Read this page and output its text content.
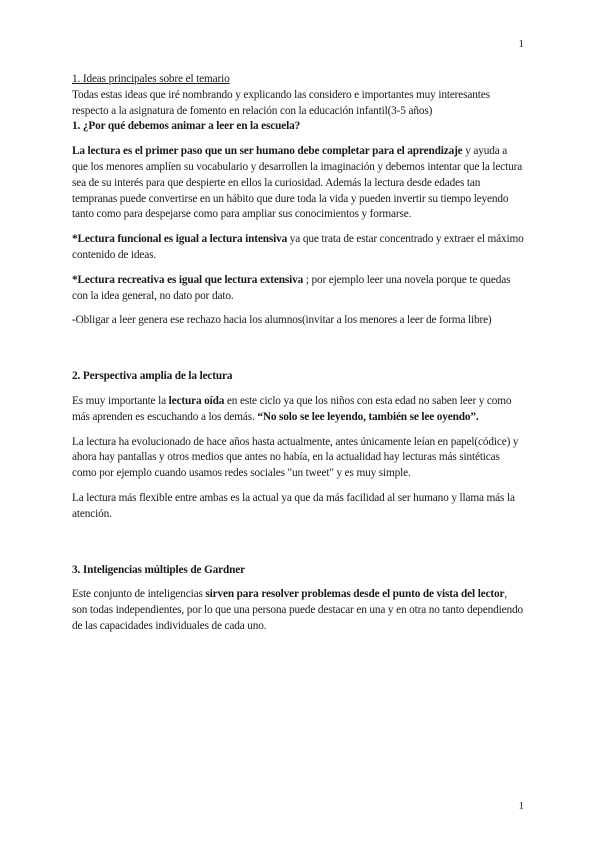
1

1. Ideas principales sobre el temario

Todas estas ideas que iré nombrando y explicando las considero e importantes muy interesantes respecto a la asignatura de fomento en relación con la educación infantil(3-5 años)

1. ¿Por qué debemos animar a leer en la escuela?

La lectura es el primer paso que un ser humano debe completar para el aprendizaje y ayuda a que los menores amplíen su vocabulario y desarrollen la imaginación y debemos intentar que la lectura sea de su interés para que despierte en ellos la curiosidad. Además la lectura desde edades tan tempranas puede convertirse en un hábito que dure toda la vida y pueden invertir su tiempo leyendo tanto como para despejarse como para ampliar sus conocimientos y formarse.

*Lectura funcional es igual a lectura intensiva ya que trata de estar concentrado y extraer el máximo contenido de ideas.

*Lectura recreativa es igual que lectura extensiva ; por ejemplo leer una novela porque te quedas con la idea general, no dato por dato.

-Obligar a leer genera ese rechazo hacia los alumnos(invitar a los menores a leer de forma libre)

2. Perspectiva amplia de la lectura

Es muy importante la lectura oída en este ciclo ya que los niños con esta edad no saben leer y como más aprenden es escuchando a los demás. “No solo se lee leyendo, también se lee oyendo”.

La lectura ha evolucionado de hace años hasta actualmente, antes únicamente leían en papel(códice) y ahora hay pantallas y otros medios que antes no había, en la actualidad hay lecturas más sintéticas como por ejemplo cuando usamos redes sociales "un tweet" y es muy simple.

La lectura más flexible entre ambas es la actual ya que da más facilidad al ser humano y llama más la atención.

3. Inteligencias múltiples de Gardner

Este conjunto de inteligencias sirven para resolver problemas desde el punto de vista del lector, son todas independientes, por lo que una persona puede destacar en una y en otra no tanto dependiendo de las capacidades individuales de cada uno.

1
